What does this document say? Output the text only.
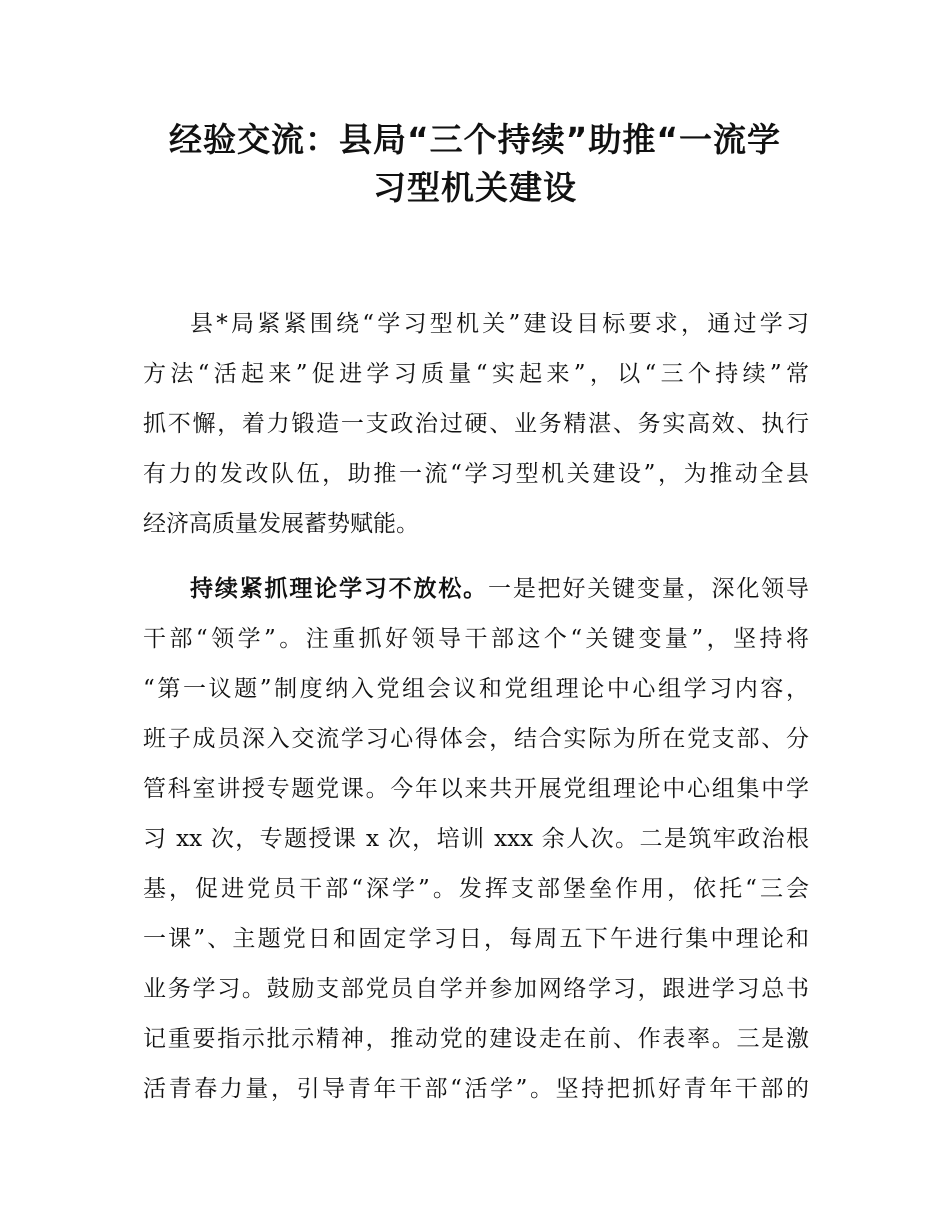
经验交流：县局“三个持续”助推“一流学
习型机关建设
县*局紧紧围绕“学习型机关”建设目标要求，通过学习
方法“活起来”促进学习质量“实起来”，以“三个持续”常
抓不懈，着力锻造一支政治过硬、业务精湛、务实高效、执行
有力的发改队伍，助推一流“学习型机关建设”，为推动全县
经济高质量发展蓄势赋能。
持续紧抓理论学习不放松。一是把好关键变量，深化领导
干部“领学”。注重抓好领导干部这个“关键变量”，坚持将
“第一议题”制度纳入党组会议和党组理论中心组学习内容，
班子成员深入交流学习心得体会，结合实际为所在党支部、分
管科室讲授专题党课。今年以来共开展党组理论中心组集中学
习 xx 次，专题授课 x 次，培训 xxx 余人次。二是筑牢政治根
基，促进党员干部“深学”。发挥支部堡垒作用，依托“三会
一课”、主题党日和固定学习日，每周五下午进行集中理论和
业务学习。鼓励支部党员自学并参加网络学习，跟进学习总书
记重要指示批示精神，推动党的建设走在前、作表率。三是激
活青春力量，引导青年干部“活学”。坚持把抓好青年干部的
